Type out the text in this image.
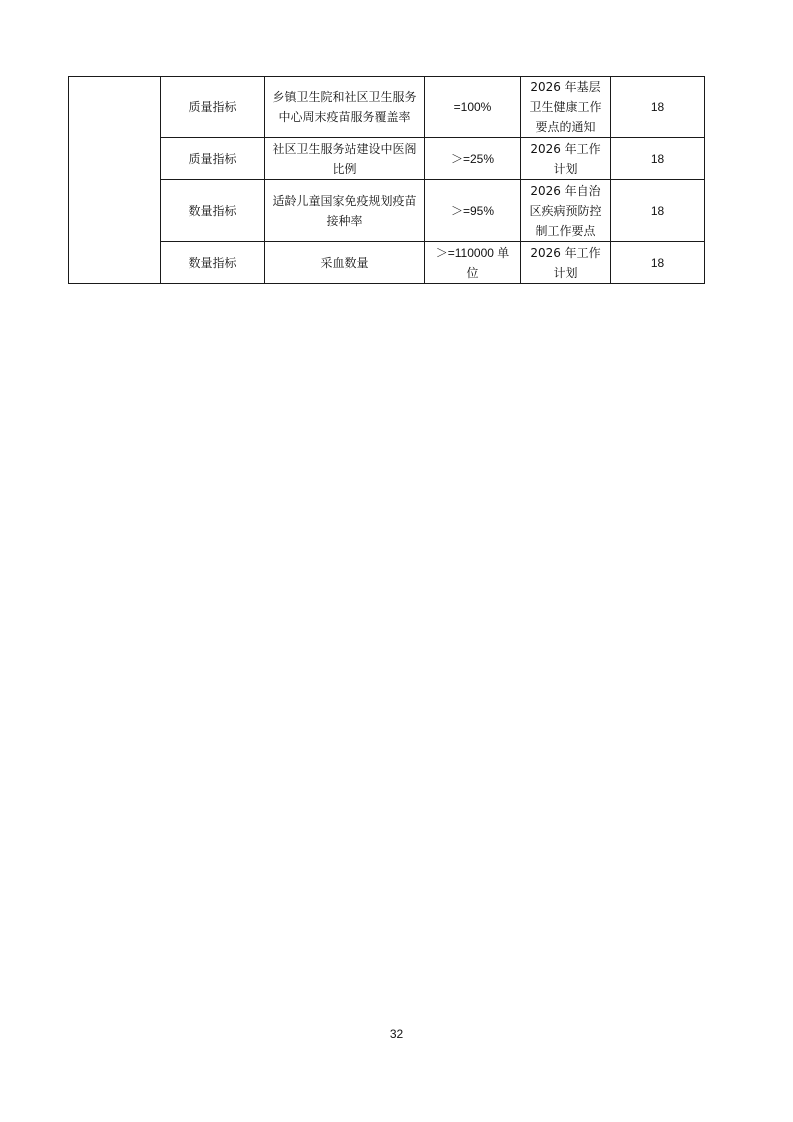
	质量指标	乡镇卫生院和社区卫生服务中心周末疫苗服务覆盖率	=100%	2026 年基层卫生健康工作要点的通知	18
	质量指标	社区卫生服务站建设中医阁比例	＞=25%	2026 年工作计划	18
	数量指标	适龄儿童国家免疫规划疫苗接种率	＞=95%	2026 年自治区疾病预防控制工作要点	18
	数量指标	采血数量	＞=110000 单位	2026 年工作计划	18
32
